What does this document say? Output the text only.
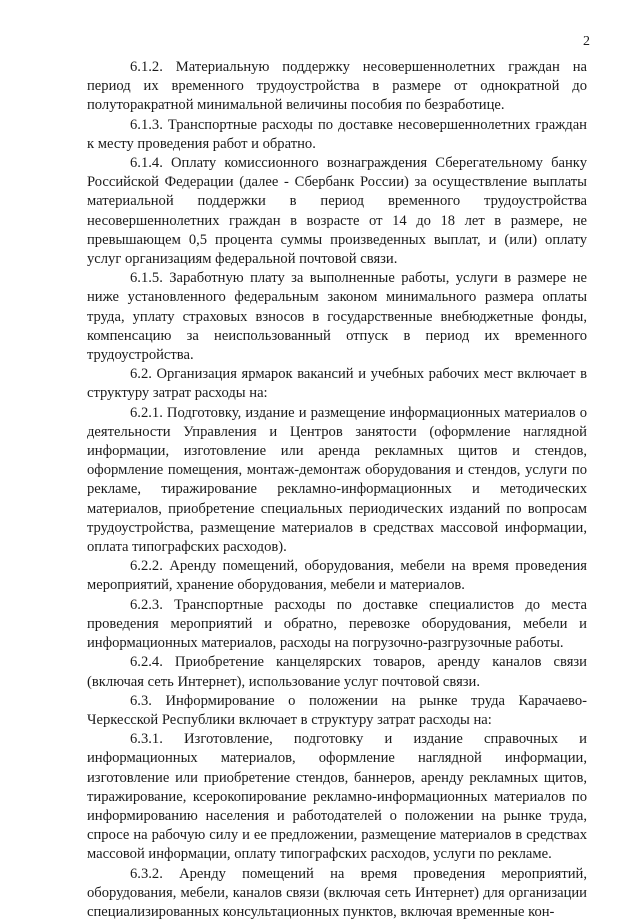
2

6.1.2. Материальную поддержку несовершеннолетних граждан на период их временного трудоустройства в размере от однократной до полуторакратной минимальной величины пособия по безработице.

6.1.3. Транспортные расходы по доставке несовершеннолетних граждан к месту проведения работ и обратно.

6.1.4. Оплату комиссионного вознаграждения Сберегательному банку Российской Федерации (далее - Сбербанк России) за осуществление выплаты материальной поддержки в период временного трудоустройства несовершеннолетних граждан в возрасте от 14 до 18 лет в размере, не превышающем 0,5 процента суммы произведенных выплат, и (или) оплату услуг организациям федеральной почтовой связи.

6.1.5. Заработную плату за выполненные работы, услуги в размере не ниже установленного федеральным законом минимального размера оплаты труда, уплату страховых взносов в государственные внебюджетные фонды, компенсацию за неиспользованный отпуск в период их временного трудоустройства.

6.2. Организация ярмарок вакансий и учебных рабочих мест включает в структуру затрат расходы на:

6.2.1. Подготовку, издание и размещение информационных материалов о деятельности Управления и Центров занятости (оформление наглядной информации, изготовление или аренда рекламных щитов и стендов, оформление помещения, монтаж-демонтаж оборудования и стендов, услуги по рекламе, тиражирование рекламно-информационных и методических материалов, приобретение специальных периодических изданий по вопросам трудоустройства, размещение материалов в средствах массовой информации, оплата типографских расходов).

6.2.2. Аренду помещений, оборудования, мебели на время проведения мероприятий, хранение оборудования, мебели и материалов.

6.2.3. Транспортные расходы по доставке специалистов до места проведения мероприятий и обратно, перевозке оборудования, мебели и информационных материалов, расходы на погрузочно-разгрузочные работы.

6.2.4. Приобретение канцелярских товаров, аренду каналов связи (включая сеть Интернет), использование услуг почтовой связи.

6.3. Информирование о положении на рынке труда Карачаево-Черкесской Республики включает в структуру затрат расходы на:

6.3.1. Изготовление, подготовку и издание справочных и информационных материалов, оформление наглядной информации, изготовление или приобретение стендов, баннеров, аренду рекламных щитов, тиражирование, ксерокопирование рекламно-информационных материалов по информированию населения и работодателей о положении на рынке труда, спросе на рабочую силу и ее предложении, размещение материалов в средствах массовой информации, оплату типографских расходов, услуги по рекламе.

6.3.2. Аренду помещений на время проведения мероприятий, оборудования, мебели, каналов связи (включая сеть Интернет) для организации специализированных консультационных пунктов, включая временные кон-
